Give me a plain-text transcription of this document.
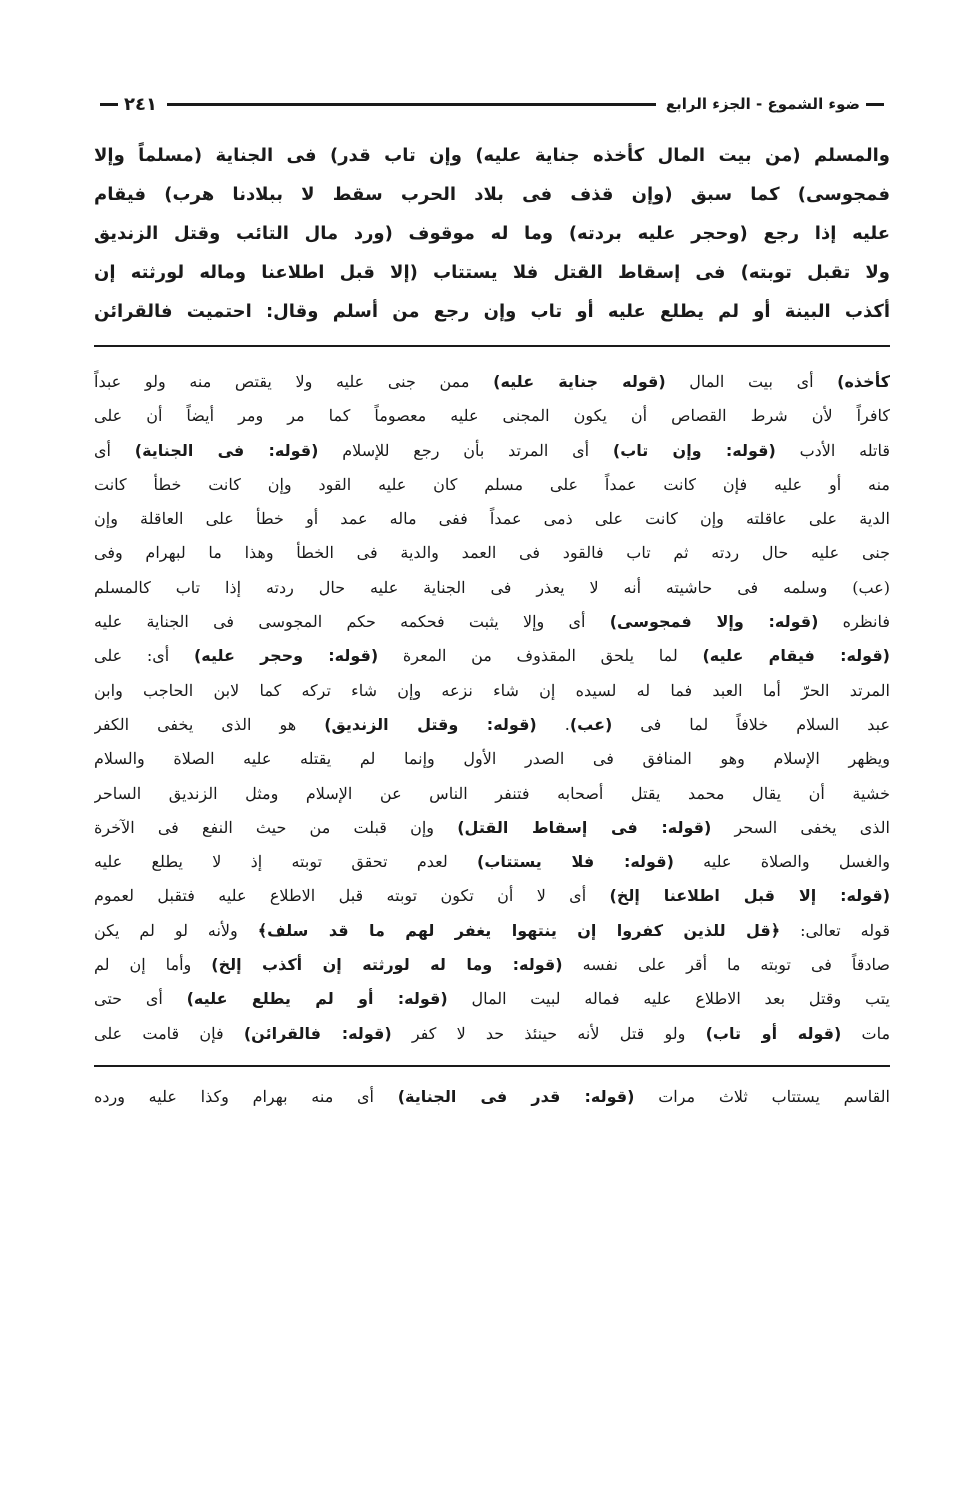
ضوء الشموع - الجزء الرابع
٢٤١

والمسلم (من بيت المال كأخذه جناية عليه) وإن تاب قدر) فى الجناية (مسلماً وإلا

فمجوسى) كما سبق (وإن قذف فى بلاد الحرب سقط لا ببلادنا هرب) فيقام

عليه إذا رجع (وحجر عليه بردته) وما له موقوف (ورد مال التائب وقتل الزنديق

ولا تقبل توبته) فى إسقاط القتل فلا يستتاب (إلا قبل اطلاعنا وماله لورثته إن

أكذب البينة أو لم يطلع عليه أو تاب وإن رجع من أسلم وقال: احتميت فالقرائن

كأخذه) أى بيت المال (قوله جناية عليه) ممن جنى عليه ولا يقتص منه ولو عبداً

كافراً لأن شرط القصاص أن يكون المجنى عليه معصوماً كما مر ومر أيضاً أن على

قاتله الأدب (قوله: وإن تاب) أى المرتد بأن رجع للإسلام (قوله: فى الجناية) أى

منه أو عليه فإن كانت عمداً على مسلم كان عليه القود وإن كانت خطأ كانت

الدية على عاقلته وإن كانت على ذمى عمداً ففى ماله عمد أو خطأ على العاقلة وإن

جنى عليه حال ردته ثم تاب فالقود فى العمد والدية فى الخطأ وهذا ما لبهرام وفى

(عب) وسلمه فى حاشيته أنه لا يعذر فى الجناية عليه حال ردته إذا تاب كالمسلم

فانظره (قوله: وإلا فمجوسى) أى وإلا يثبت فحكمه حكم المجوسى فى الجناية عليه

(قوله: فيقام عليه) لما يلحق المقذوف من المعرة (قوله: وحجر عليه) أى: على

المرتد الحرّ أما العبد فما له لسيده إن شاء نزعه وإن شاء تركه كما لابن الحاجب وابن

عبد السلام خلافاً لما فى (عب). (قوله: وقتل الزنديق) هو الذى يخفى الكفر

ويظهر الإسلام وهو المنافق فى الصدر الأول وإنما لم يقتله عليه الصلاة والسلام

خشية أن يقال محمد يقتل أصحابه فتنفر الناس عن الإسلام ومثل الزنديق الساحر

الذى يخفى السحر (قوله: فى إسقاط القتل) وإن قبلت من حيث النفع فى الآخرة

والغسل والصلاة عليه (قوله: فلا يستتاب) لعدم تحقق توبته إذ لا يطلع عليه

(قوله: إلا قبل اطلاعنا إلخ) أى لا أن تكون توبته قبل الاطلاع عليه فتقبل لعموم

قوله تعالى: ﴿قل للذين كفروا إن ينتهوا يغفر لهم ما قد سلف﴾ ولأنه لو لم يكن

صادقاً فى توبته ما أقر على نفسه (قوله: وما له لورثته إن أكذب إلخ) وأما إن لم

يتب وقتل بعد الاطلاع عليه فماله لبيت المال (قوله: أو لم يطلع عليه) أى حتى

مات (قوله أو تاب) ولو قتل لأنه حينئذ حد لا كفر (قوله: فالقرائن) فإن قامت على

القاسم يستتاب ثلاث مرات (قوله: قدر فى الجناية) أى منه بهرام وكذا عليه ورده
